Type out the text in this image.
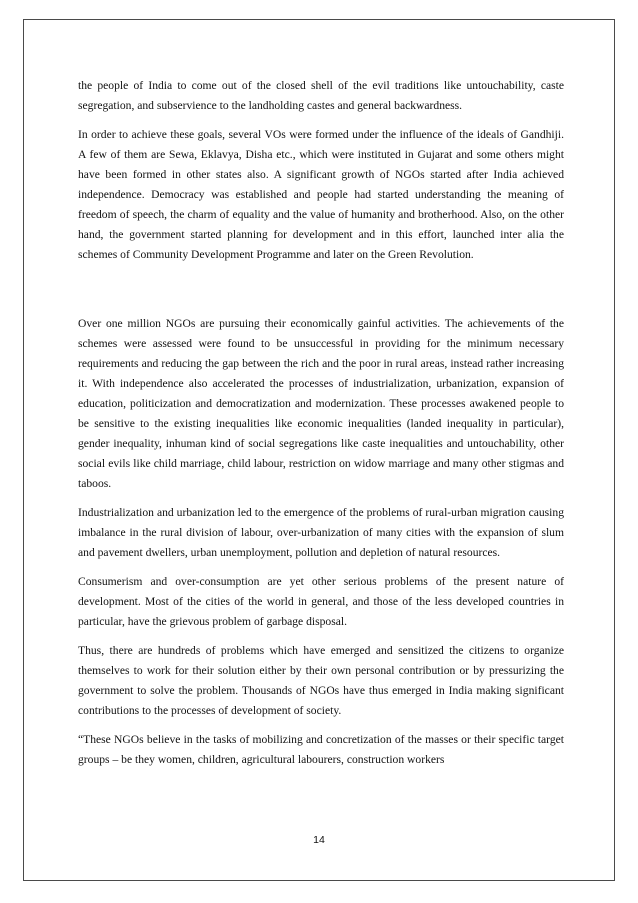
the people of India to come out of the closed shell of the evil traditions like untouchability, caste segregation, and subservience to the landholding castes and general backwardness.

In order to achieve these goals, several VOs were formed under the influence of the ideals of Gandhiji. A few of them are Sewa, Eklavya, Disha etc., which were instituted in Gujarat and some others might have been formed in other states also. A significant growth of NGOs started after India achieved independence. Democracy was established and people had started understanding the meaning of freedom of speech, the charm of equality and the value of humanity and brotherhood. Also, on the other hand, the government started planning for development and in this effort, launched inter alia the schemes of Community Development Programme and later on the Green Revolution.

Over one million NGOs are pursuing their economically gainful activities. The achievements of the schemes were assessed were found to be unsuccessful in providing for the minimum necessary requirements and reducing the gap between the rich and the poor in rural areas, instead rather increasing it. With independence also accelerated the processes of industrialization, urbanization, expansion of education, politicization and democratization and modernization. These processes awakened people to be sensitive to the existing inequalities like economic inequalities (landed inequality in particular), gender inequality, inhuman kind of social segregations like caste inequalities and untouchability, other social evils like child marriage, child labour, restriction on widow marriage and many other stigmas and taboos.

Industrialization and urbanization led to the emergence of the problems of rural-urban migration causing imbalance in the rural division of labour, over-urbanization of many cities with the expansion of slum and pavement dwellers, urban unemployment, pollution and depletion of natural resources.

Consumerism and over-consumption are yet other serious problems of the present nature of development. Most of the cities of the world in general, and those of the less developed countries in particular, have the grievous problem of garbage disposal.

Thus, there are hundreds of problems which have emerged and sensitized the citizens to organize themselves to work for their solution either by their own personal contribution or by pressurizing the government to solve the problem. Thousands of NGOs have thus emerged in India making significant contributions to the processes of development of society.

“These NGOs believe in the tasks of mobilizing and concretization of the masses or their specific target groups – be they women, children, agricultural labourers, construction workers

14
